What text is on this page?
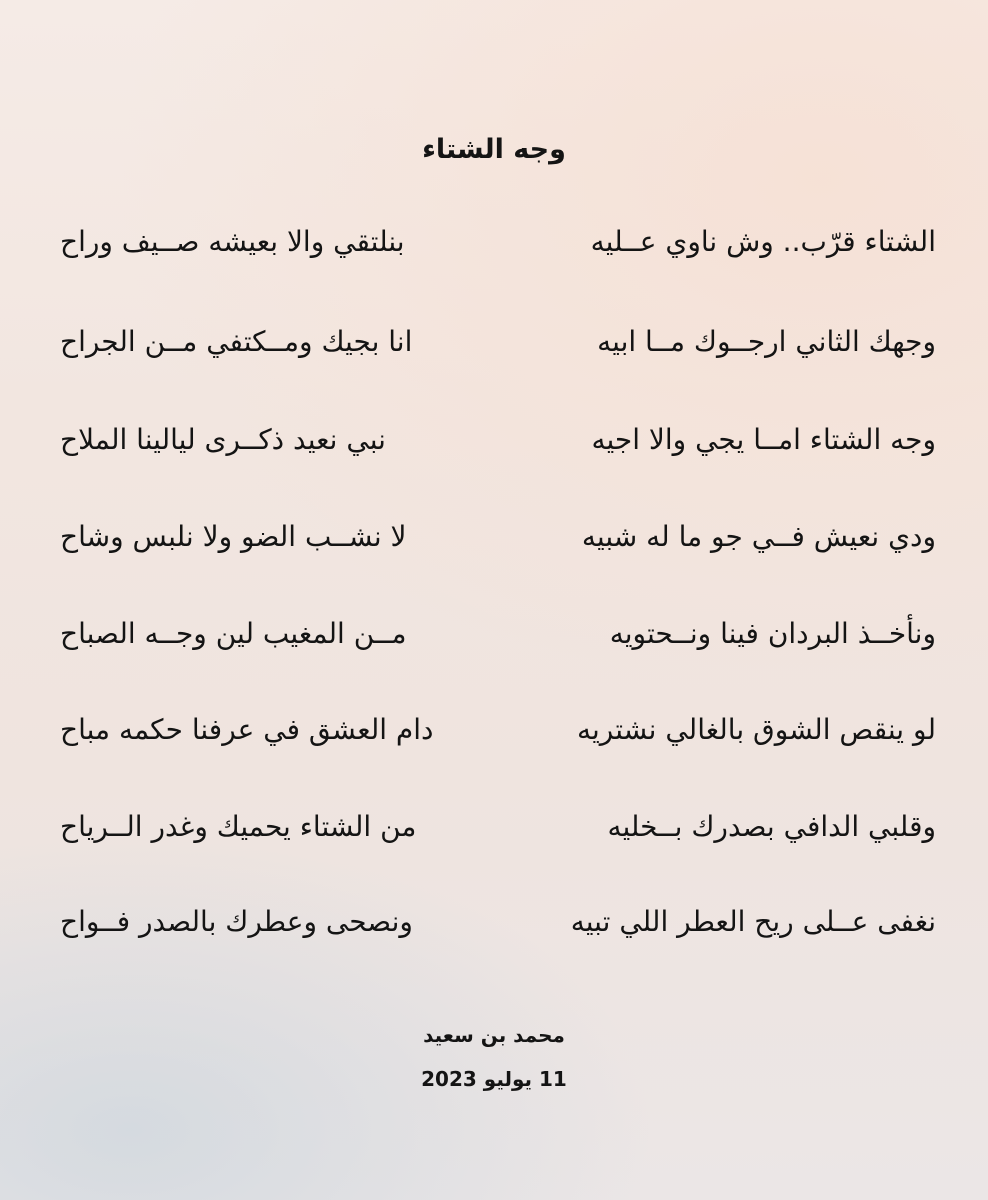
وجه الشتاء
الشتاء قرّب.. وش ناوي عــليه
بنلتقي والا بعيشه صــيف وراح
وجهك الثاني ارجــوك مــا ابيه
انا بجيك ومــكتفي مــن الجراح
وجه الشتاء امــا يجي والا اجيه
نبي نعيد ذكــرى ليالينا الملاح
ودي نعيش فــي جو ما له شبيه
لا نشــب الضو ولا نلبس وشاح
ونأخــذ البردان فينا ونــحتويه
مــن المغيب لين وجــه الصباح
لو ينقص الشوق بالغالي نشتريه
دام العشق في عرفنا حكمه مباح
وقلبي الدافي بصدرك بــخليه
من الشتاء يحميك وغدر الــرياح
نغفى عــلى ريح العطر اللي تبيه
ونصحى وعطرك بالصدر فــواح
محمد بن سعيد
11 يوليو 2023
